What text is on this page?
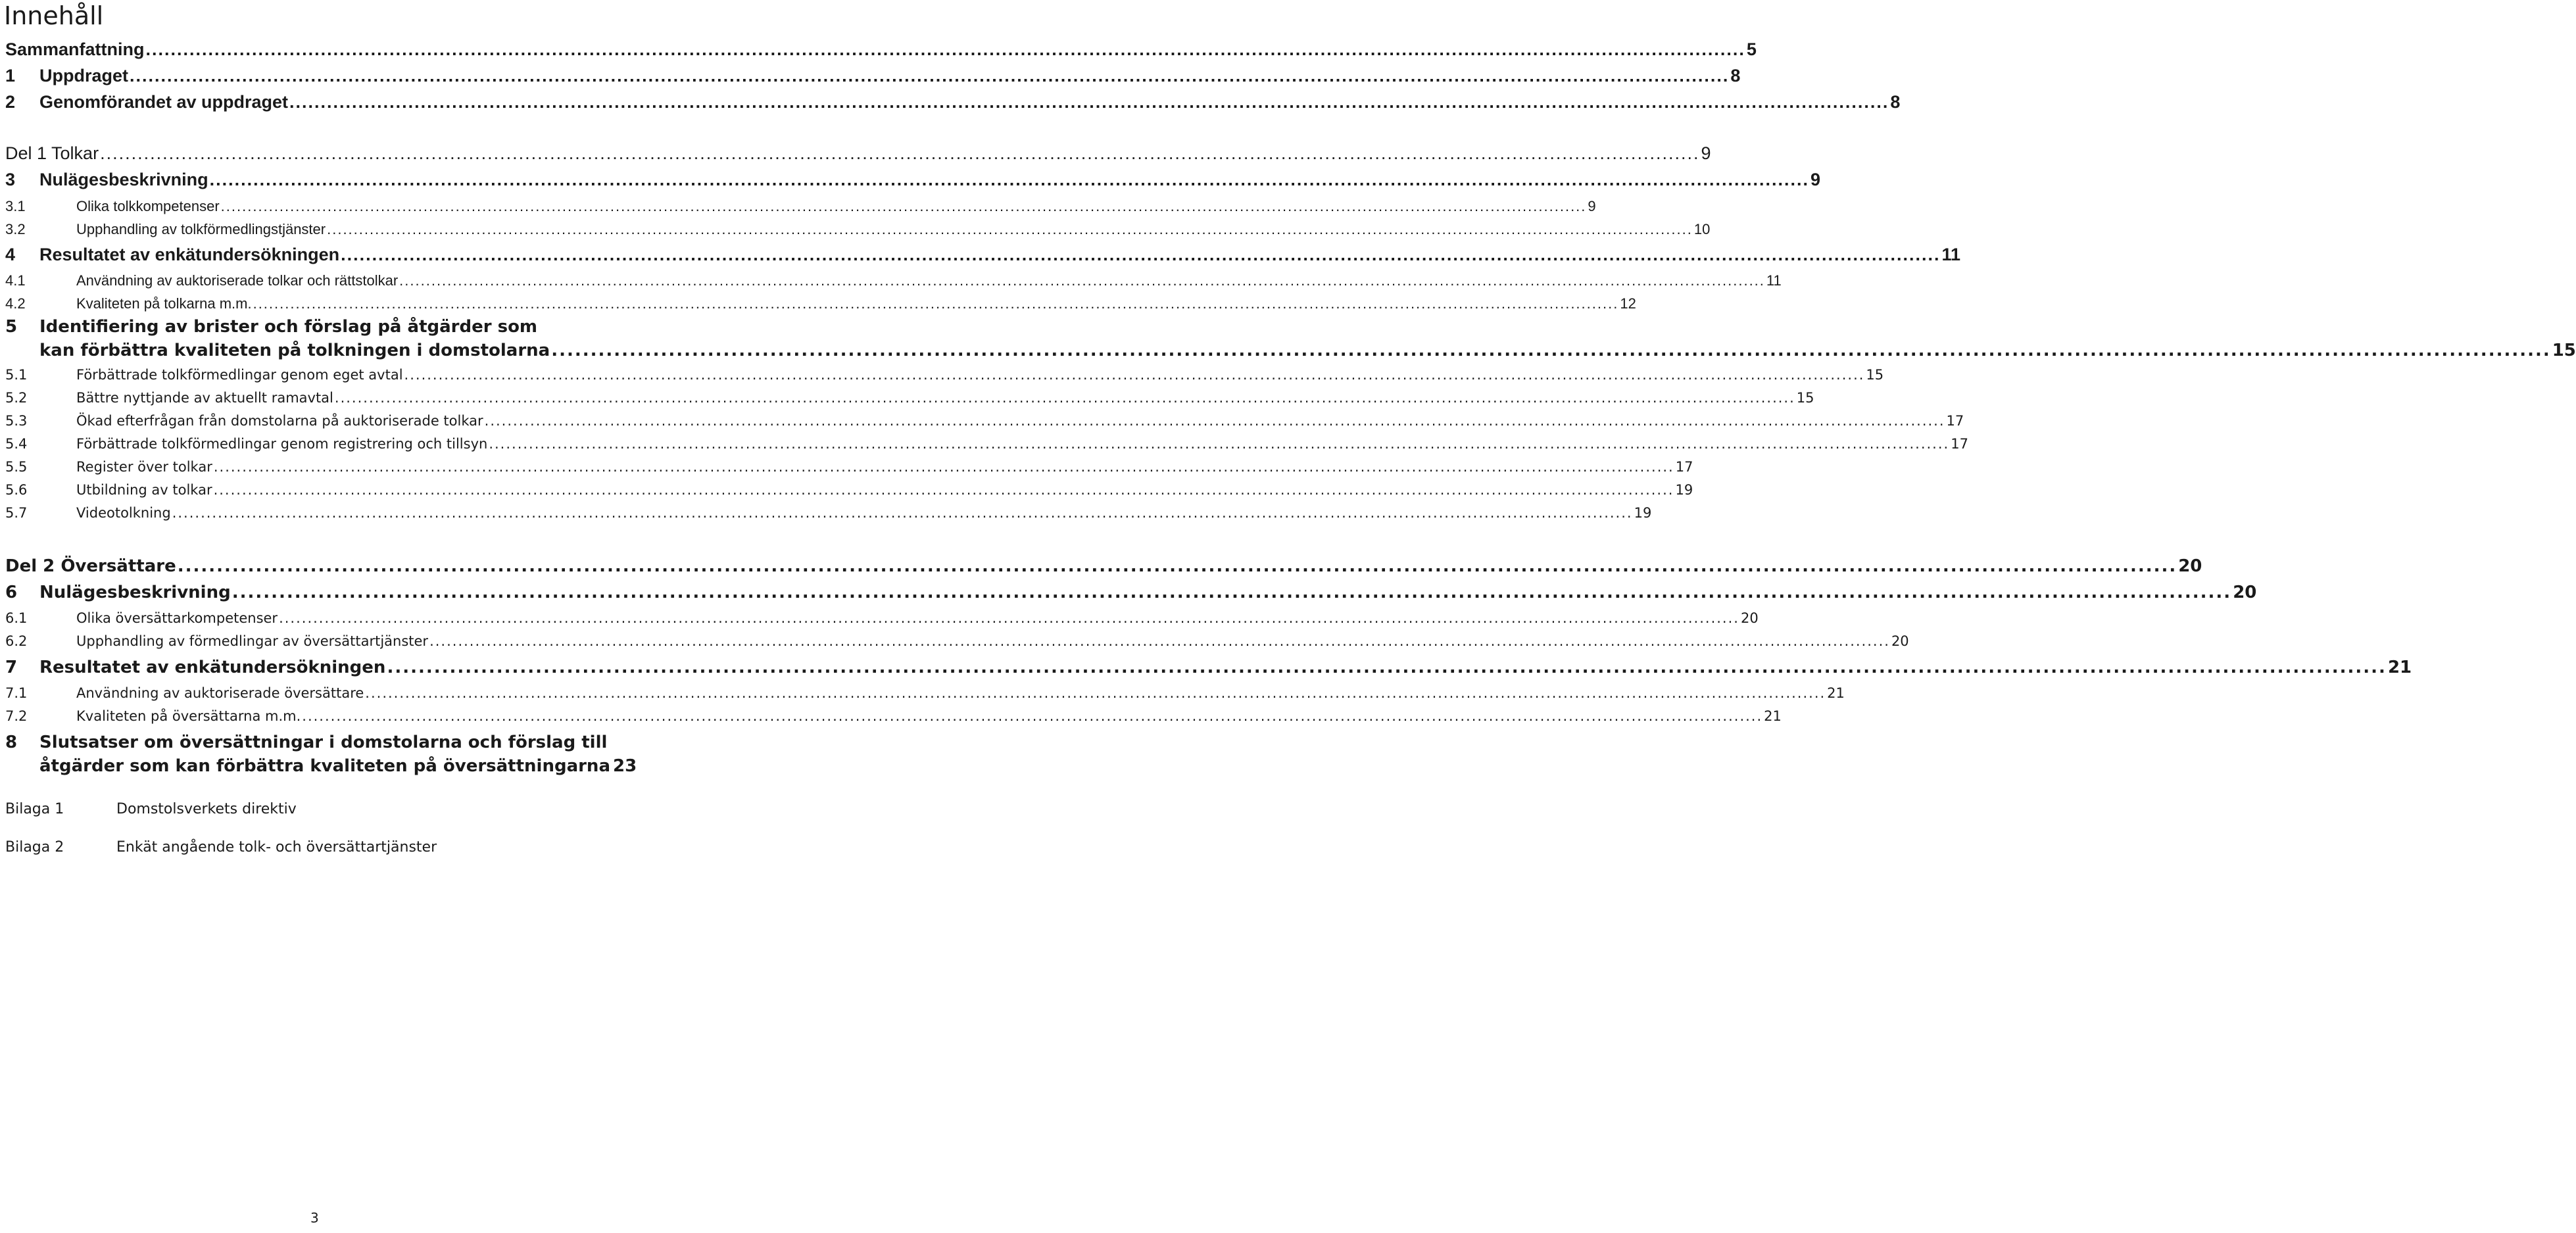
Innehåll
Sammanfattning .....	5
1	Uppdraget .....	8
2	Genomförandet av uppdraget .....	8
Del 1 Tolkar .....	9
3	Nulägesbeskrivning .....	9
3.1	Olika tolkkompetenser .....	9
3.2	Upphandling av tolkförmedlingstjänster .....	10
4	Resultatet av enkätundersökningen .....	11
4.1	Användning av auktoriserade tolkar och rättstolkar .....	11
4.2	Kvaliteten på tolkarna m.m. .....	12
5	Identifiering av brister och förslag på åtgärder som
kan förbättra kvaliteten på tolkningen i domstolarna .....	15
5.1	Förbättrade tolkförmedlingar genom eget avtal .....	15
5.2	Bättre nyttjande av aktuellt ramavtal .....	15
5.3	Ökad efterfrågan från domstolarna på auktoriserade tolkar .....	17
5.4	Förbättrade tolkförmedlingar genom registrering och tillsyn .....	17
5.5	Register över tolkar .....	17
5.6	Utbildning av tolkar .....	19
5.7	Videotolkning .....	19
Del 2 Översättare .....	20
6	Nulägesbeskrivning .....	20
6.1	Olika översättarkompetenser .....	20
6.2	Upphandling av förmedlingar av översättartjänster .....	20
7	Resultatet av enkätundersökningen .....	21
7.1	Användning av auktoriserade översättare .....	21
7.2	Kvaliteten på översättarna m.m. .....	21
8	Slutsatser om översättningar i domstolarna och förslag till
åtgärder som kan förbättra kvaliteten på översättningarna 23
Bilaga 1	Domstolsverkets direktiv
Bilaga 2	Enkät angående tolk- och översättartjänster
3
